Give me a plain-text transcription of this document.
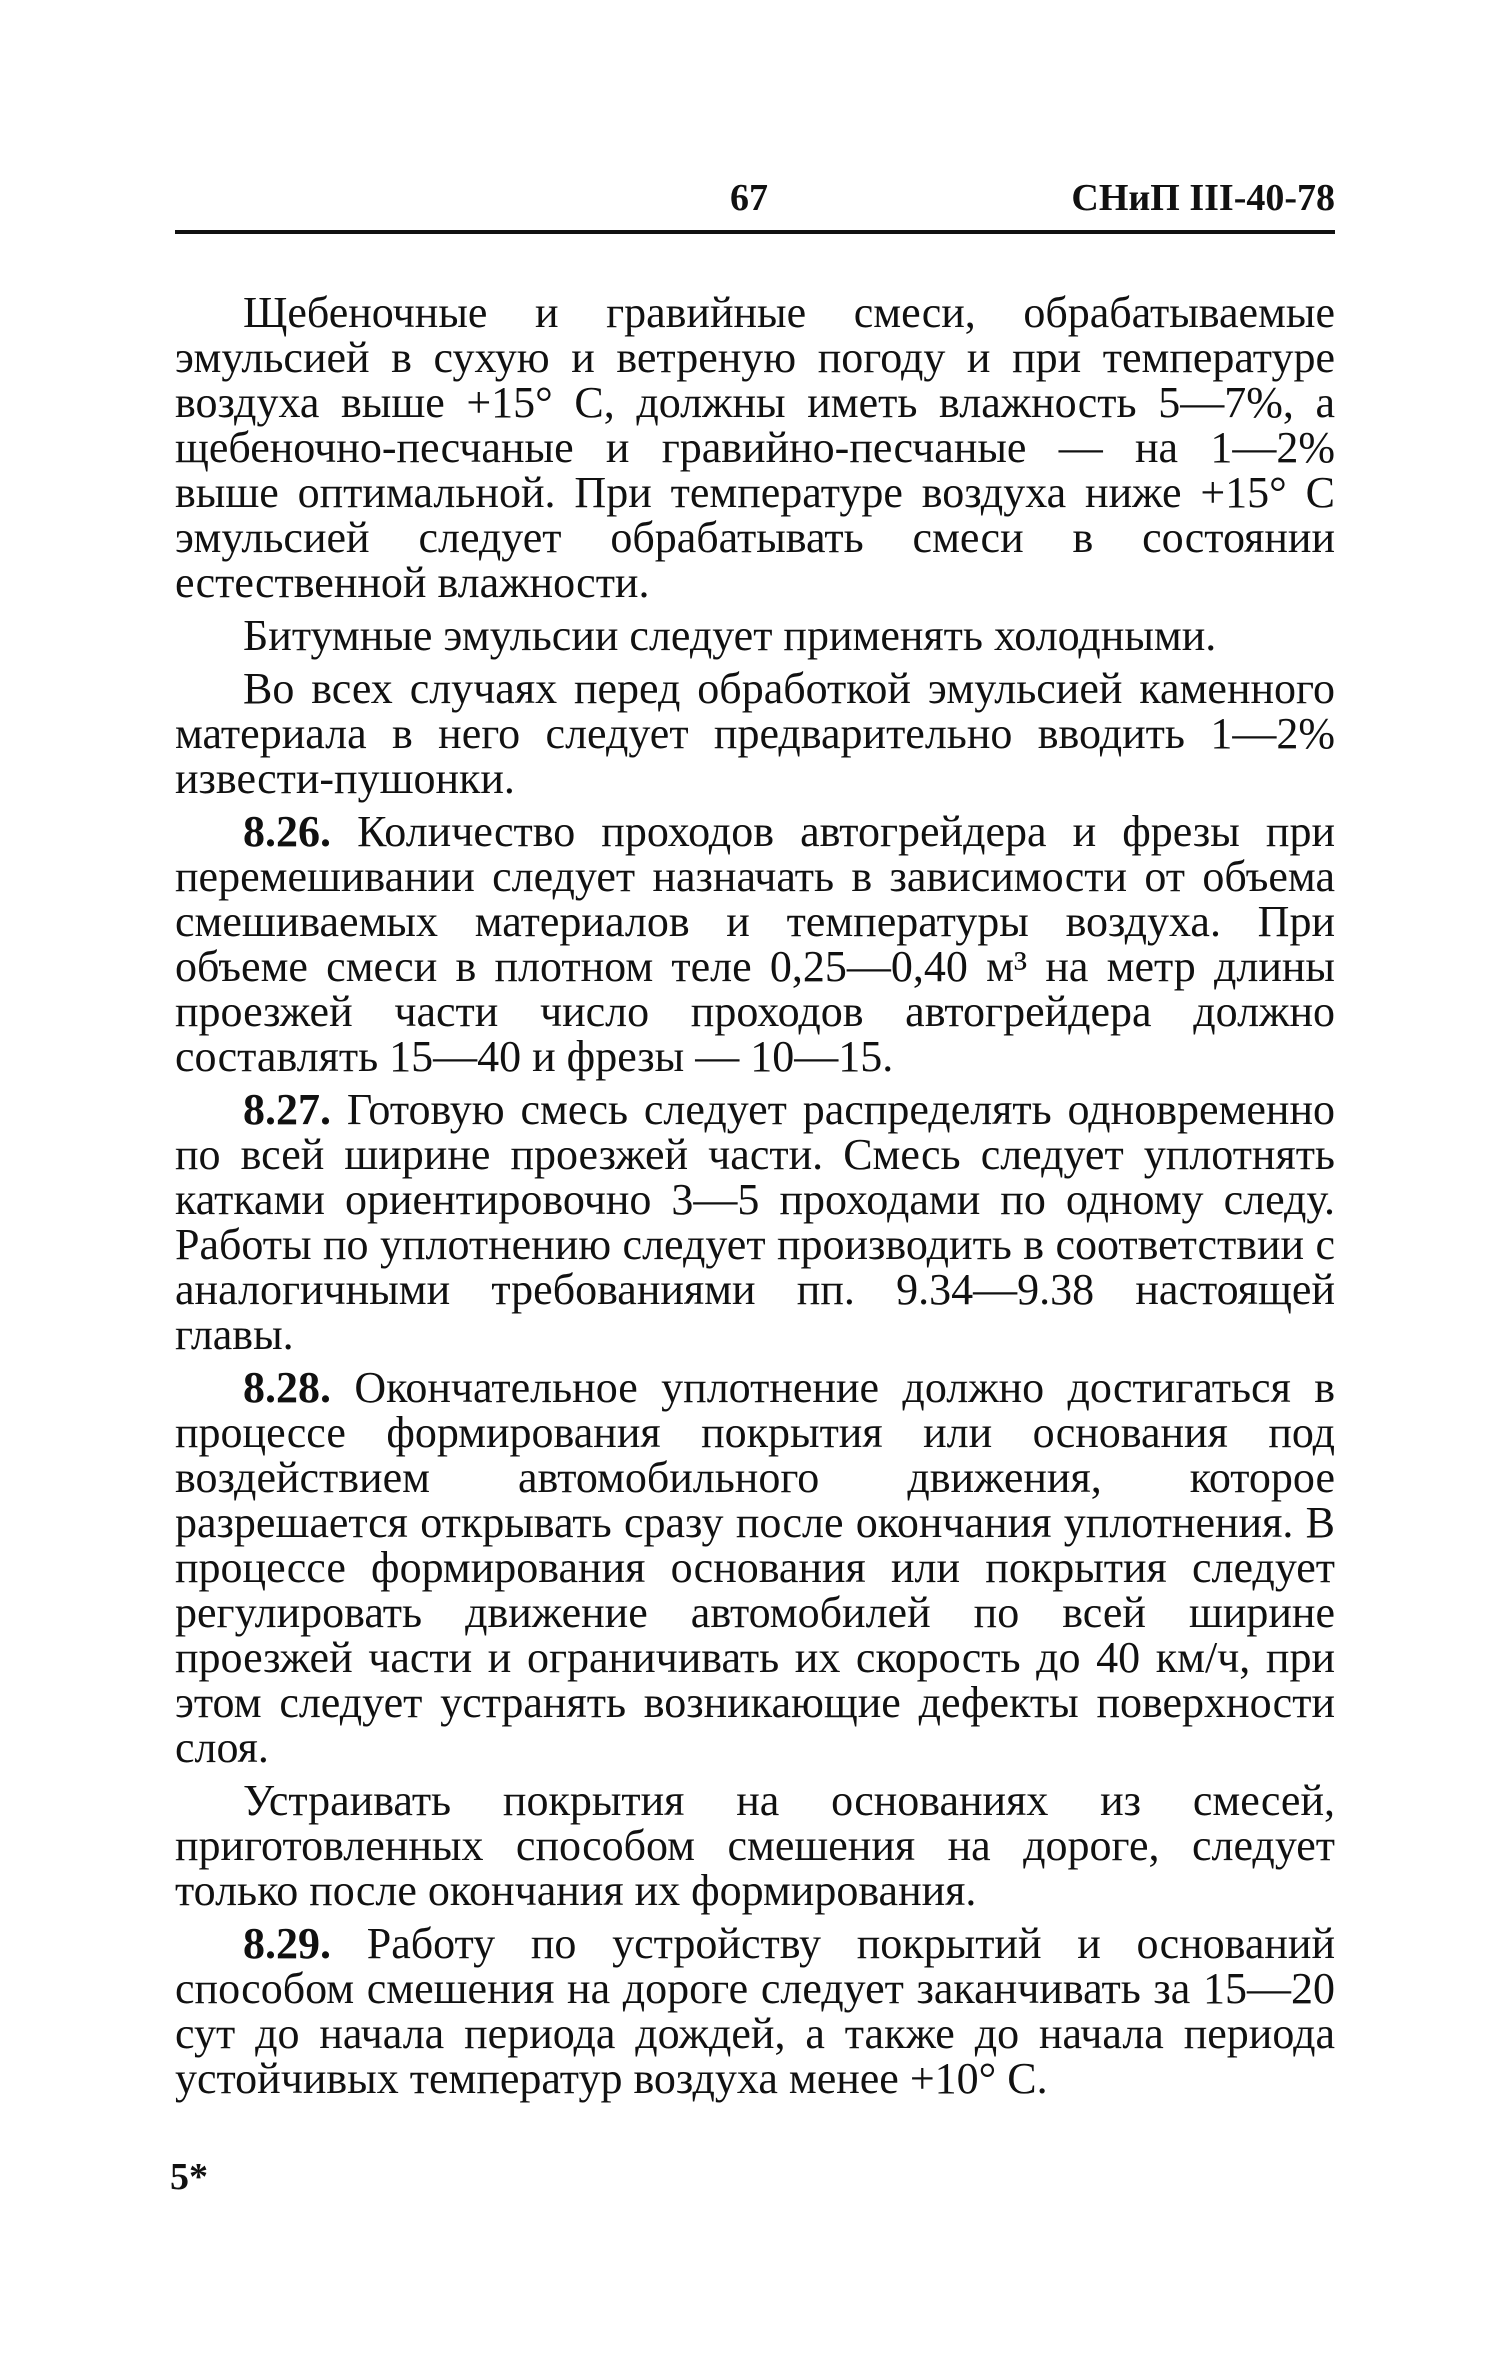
67	СНиП III-40-78

Щебеночные и гравийные смеси, обрабатываемые эмульсией в сухую и ветреную погоду и при температуре воздуха выше +15° С, должны иметь влажность 5—7%, а щебеночно-песчаные и гравийно-песчаные — на 1—2% выше оптимальной. При температуре воздуха ниже +15° С эмульсией следует обрабатывать смеси в состоянии естественной влажности.

Битумные эмульсии следует применять холодными.

Во всех случаях перед обработкой эмульсией каменного материала в него следует предварительно вводить 1—2% извести-пушонки.

8.26. Количество проходов автогрейдера и фрезы при перемешивании следует назначать в зависимости от объема смешиваемых материалов и температуры воздуха. При объеме смеси в плотном теле 0,25—0,40 м³ на метр длины проезжей части число проходов автогрейдера должно составлять 15—40 и фрезы — 10—15.

8.27. Готовую смесь следует распределять одновременно по всей ширине проезжей части. Смесь следует уплотнять катками ориентировочно 3—5 проходами по одному следу. Работы по уплотнению следует производить в соответствии с аналогичными требованиями пп. 9.34—9.38 настоящей главы.

8.28. Окончательное уплотнение должно достигаться в процессе формирования покрытия или основания под воздействием автомобильного движения, которое разрешается открывать сразу после окончания уплотнения. В процессе формирования основания или покрытия следует регулировать движение автомобилей по всей ширине проезжей части и ограничивать их скорость до 40 км/ч, при этом следует устранять возникающие дефекты поверхности слоя.

Устраивать покрытия на основаниях из смесей, приготовленных способом смешения на дороге, следует только после окончания их формирования.

8.29. Работу по устройству покрытий и оснований способом смешения на дороге следует заканчивать за 15—20 сут до начала периода дождей, а также до начала периода устойчивых температур воздуха менее +10° С.

5*
